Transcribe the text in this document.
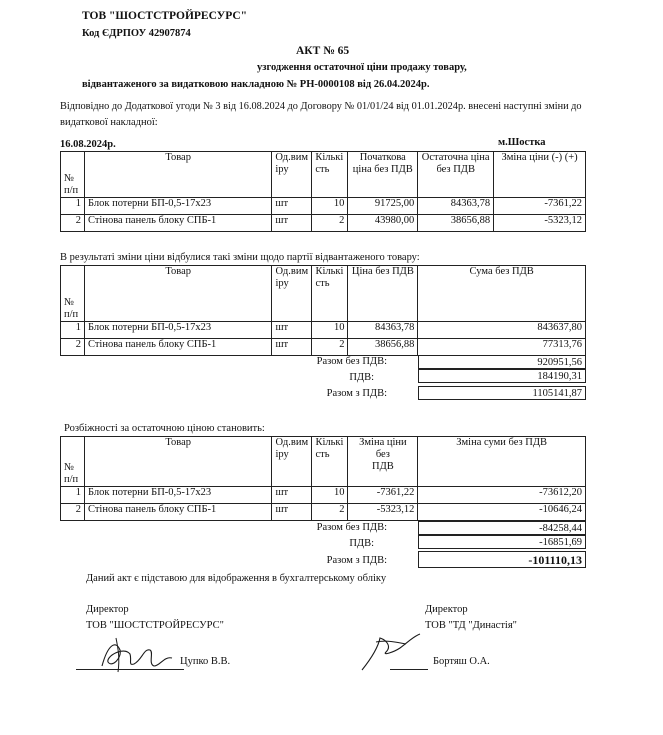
ТОВ "ШОСТСТРОЙРЕСУРС"
Код ЄДРПОУ 42907874
АКТ № 65
узгодження остаточної ціни продажу товару,
відвантаженого за видатковою накладною № РН-0000108 від 26.04.2024р.
Відповідно до Додаткової угоди № 3 від 16.08.2024 до Договору № 01/01/24 від 01.01.2024р. внесені наступні зміни до
видаткової накладної:
16.08.2024р.	м.Шостка
№
п/п	Товар	Од.вим
іру	Кількі
сть	Початкова
ціна без ПДВ	Остаточна ціна
без ПДВ	Зміна ціни (-) (+)
1	Блок потерни БП-0,5-17х23	шт	10	91725,00	84363,78	-7361,22
2	Стінова панель блоку СПБ-1	шт	2	43980,00	38656,88	-5323,12
В результаті зміни ціни відбулися такі зміни щодо партії відвантаженого товару:
№
п/п	Товар	Од.вим
іру	Кількі
сть	Ціна без ПДВ	Сума без ПДВ
1	Блок потерни БП-0,5-17х23	шт	10	84363,78	843637,80
2	Стінова панель блоку СПБ-1	шт	2	38656,88	77313,76
Разом без ПДВ:	920951,56
ПДВ:	184190,31
Разом з ПДВ:	1105141,87
Розбіжності за остаточною ціною становить:
№
п/п	Товар	Од.вим
іру	Кількі
сть	Зміна ціни без
ПДВ	Зміна суми без ПДВ
1	Блок потерни БП-0,5-17х23	шт	10	-7361,22	-73612,20
2	Стінова панель блоку СПБ-1	шт	2	-5323,12	-10646,24
Разом без ПДВ:	-84258,44
ПДВ:	-16851,69
Разом з ПДВ:	-101110,13
Даний акт є підставою для відображення в бухгалтерському обліку
Директор
ТОВ "ШОСТСТРОЙРЕСУРС"
Цупко В.В.
Директор
ТОВ "ТД "Династія"
Бортяш О.А.
